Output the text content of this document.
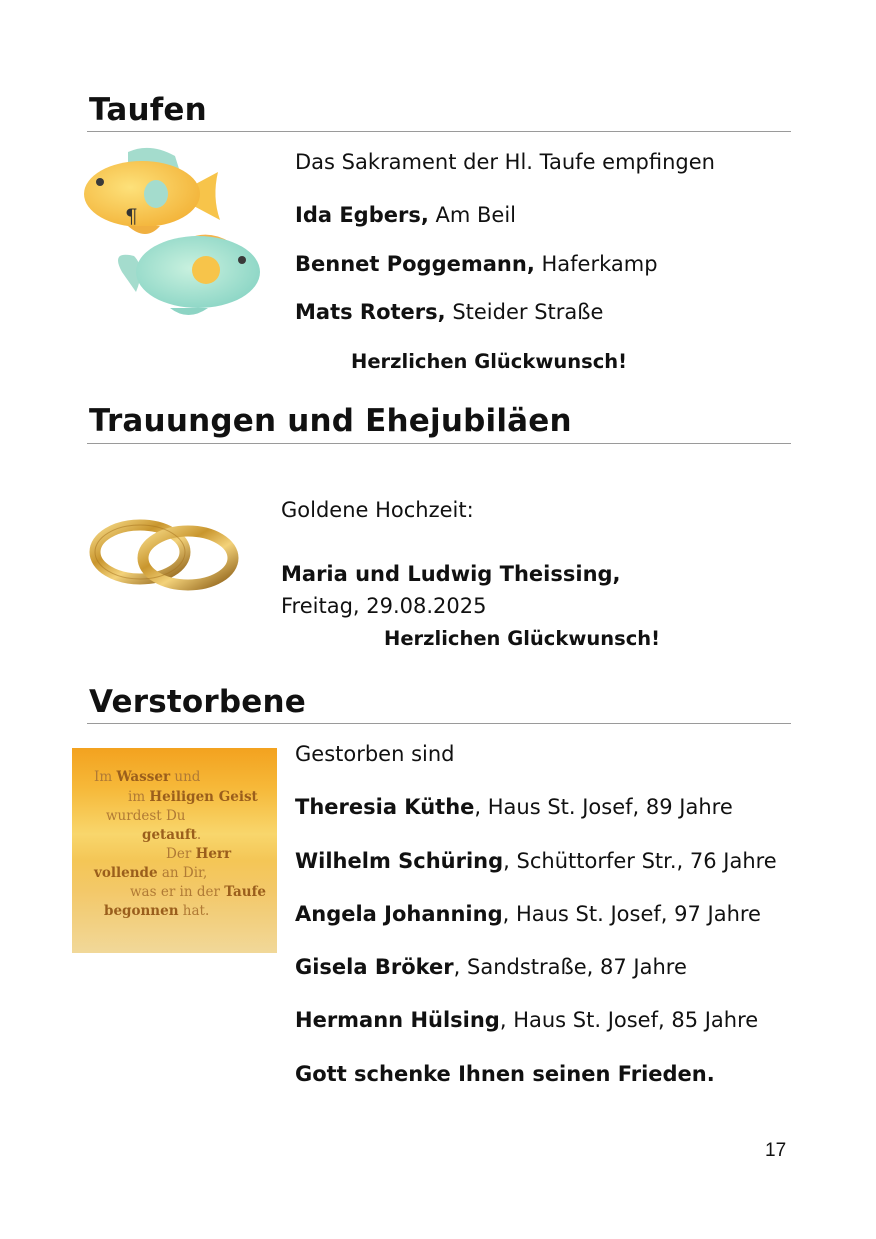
Taufen
¶
Das Sakrament der Hl. Taufe empfingen
Ida Egbers, Am Beil
Bennet Poggemann, Haferkamp
Mats Roters, Steider Straße
Herzlichen Glückwunsch!
Trauungen und Ehejubiläen
Goldene Hochzeit:
Maria und Ludwig Theissing,
Freitag, 29.08.2025
Herzlichen Glückwunsch!
Verstorbene
Im Wasser und
im Heiligen Geist
wurdest Du
getauft.
Der Herr
vollende an Dir,
was er in der Taufe
begonnen hat.
Gestorben sind
Theresia Küthe, Haus St. Josef, 89 Jahre
Wilhelm Schüring, Schüttorfer Str., 76 Jahre
Angela Johanning, Haus St. Josef, 97 Jahre
Gisela Bröker, Sandstraße, 87 Jahre
Hermann Hülsing, Haus St. Josef, 85 Jahre
Gott schenke Ihnen seinen Frieden.
17
